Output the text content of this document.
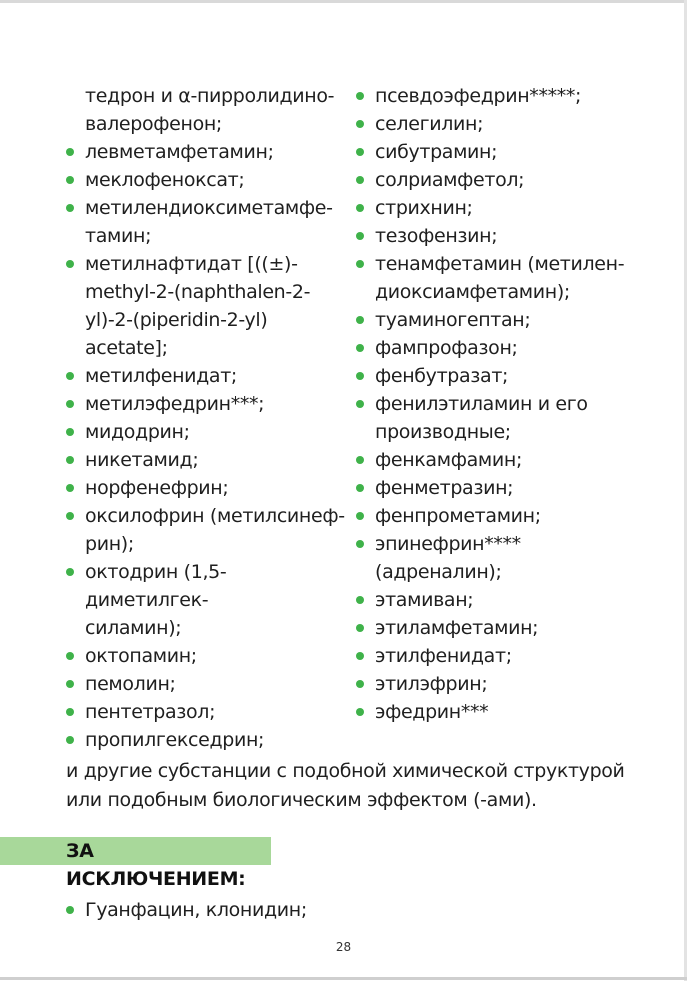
тедрон и α-пирролидино-
валерофенон;
левметамфетамин;
меклофеноксат;
метилендиоксиметамфе-
тамин;
метилнафтидат [((±)-
methyl-2-(naphthalen-2-
yl)-2-(piperidin-2-yl)
acetate];
метилфенидат;
метилэфедрин***;
мидодрин;
никетамид;
норфенефрин;
оксилофрин (метилсинеф-
рин);
октодрин (1,5-диметилгек-
силамин);
октопамин;
пемолин;
пентетразол;
пропилгекседрин;
псевдоэфедрин*****;
селегилин;
сибутрамин;
солриамфетол;
стрихнин;
тезофензин;
тенамфетамин (метилен-
диоксиамфетамин);
туаминогептан;
фампрофазон;
фенбутразат;
фенилэтиламин и его
производные;
фенкамфамин;
фенметразин;
фенпрометамин;
эпинефрин****
(адреналин);
этамиван;
этиламфетамин;
этилфенидат;
этилэфрин;
эфедрин***

и другие субстанции с подобной химической структурой или подобным биологическим эффектом (-ами).

ЗА ИСКЛЮЧЕНИЕМ:
Гуанфацин, клонидин;
28
